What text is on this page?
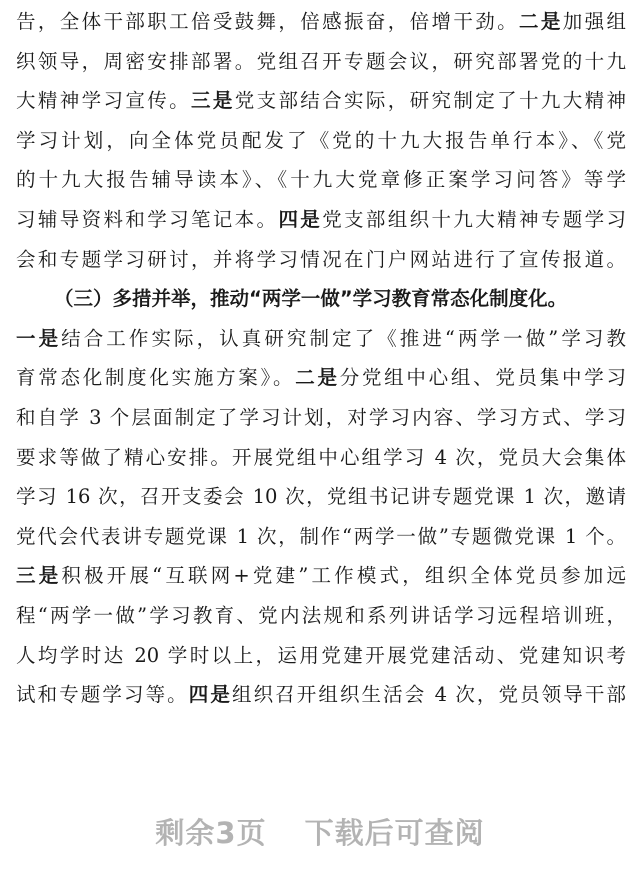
告，全体干部职工倍受鼓舞，倍感振奋，倍增干劲。二是加强组
织领导，周密安排部署。党组召开专题会议，研究部署党的十九
大精神学习宣传。三是党支部结合实际，研究制定了十九大精神
学习计划，向全体党员配发了《党的十九大报告单行本》、《党
的十九大报告辅导读本》、《十九大党章修正案学习问答》等学
习辅导资料和学习笔记本。四是党支部组织十九大精神专题学习
会和专题学习研讨，并将学习情况在门户网站进行了宣传报道。
（三）多措并举，推动“两学一做”学习教育常态化制度化。
一是结合工作实际，认真研究制定了《推进“两学一做”学习教
育常态化制度化实施方案》。二是分党组中心组、党员集中学习
和自学 3 个层面制定了学习计划，对学习内容、学习方式、学习
要求等做了精心安排。开展党组中心组学习 4 次，党员大会集体
学习 16 次，召开支委会 10 次，党组书记讲专题党课 1 次，邀请
党代会代表讲专题党课 1 次，制作“两学一做”专题微党课 1 个。
三是积极开展“互联网+党建”工作模式，组织全体党员参加远
程“两学一做”学习教育、党内法规和系列讲话学习远程培训班，
人均学时达 20 学时以上，运用党建开展党建活动、党建知识考
试和专题学习等。四是组织召开组织生活会 4 次，党员领导干部
剩余3页 下载后可查阅
